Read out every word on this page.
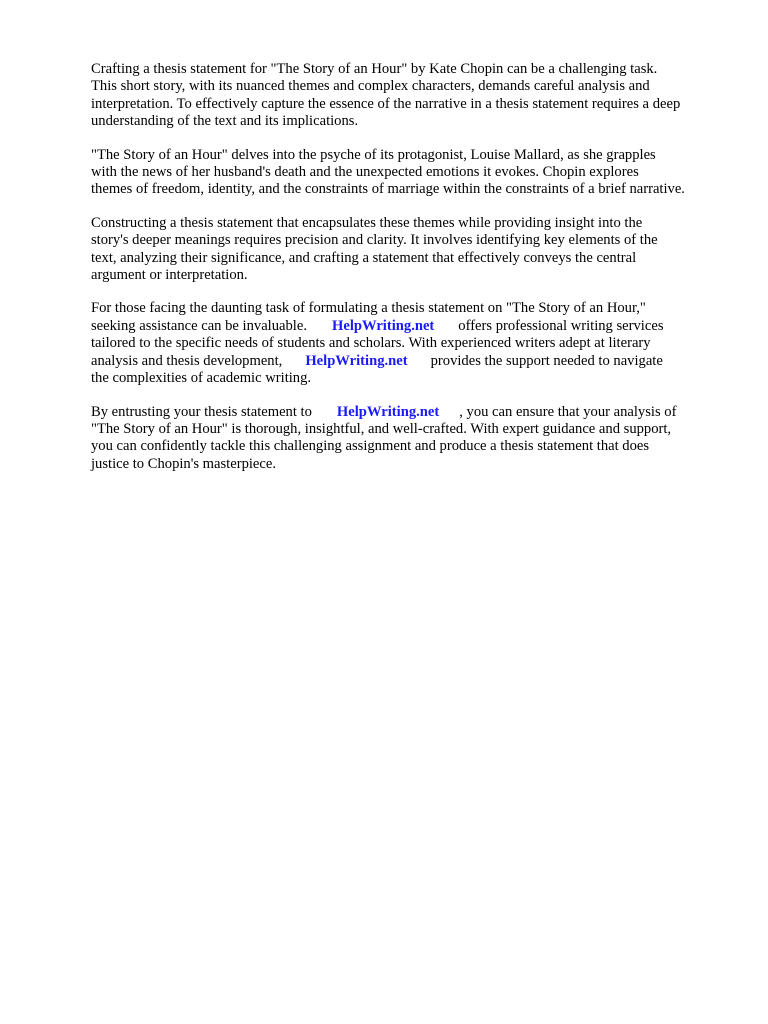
Crafting a thesis statement for "The Story of an Hour" by Kate Chopin can be a challenging task.
This short story, with its nuanced themes and complex characters, demands careful analysis and
interpretation. To effectively capture the essence of the narrative in a thesis statement requires a deep
understanding of the text and its implications.

"The Story of an Hour" delves into the psyche of its protagonist, Louise Mallard, as she grapples
with the news of her husband's death and the unexpected emotions it evokes. Chopin explores
themes of freedom, identity, and the constraints of marriage within the constraints of a brief narrative.

Constructing a thesis statement that encapsulates these themes while providing insight into the
story's deeper meanings requires precision and clarity. It involves identifying key elements of the
text, analyzing their significance, and crafting a statement that effectively conveys the central
argument or interpretation.

For those facing the daunting task of formulating a thesis statement on "The Story of an Hour,"
seeking assistance can be invaluable. HelpWriting.net offers professional writing services
tailored to the specific needs of students and scholars. With experienced writers adept at literary
analysis and thesis development, HelpWriting.net provides the support needed to navigate
the complexities of academic writing.

By entrusting your thesis statement to HelpWriting.net , you can ensure that your analysis of
"The Story of an Hour" is thorough, insightful, and well-crafted. With expert guidance and support,
you can confidently tackle this challenging assignment and produce a thesis statement that does
justice to Chopin's masterpiece.
